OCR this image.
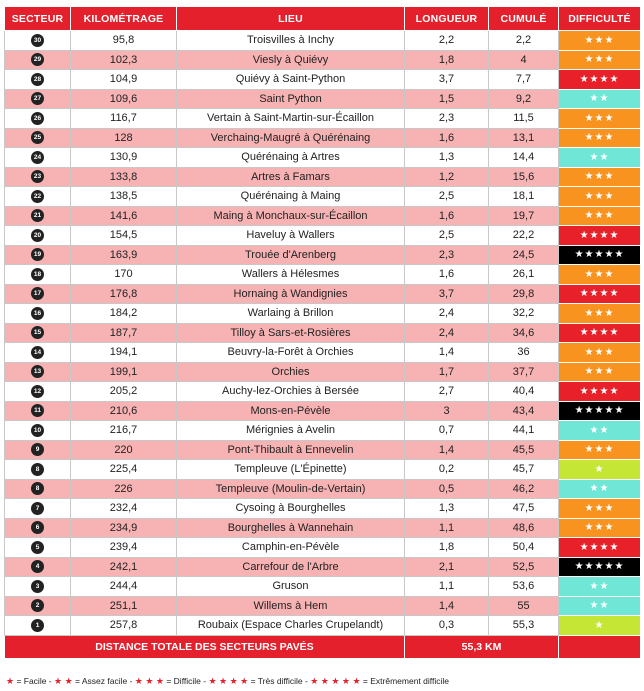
SECTEUR	KILOMÉTRAGE	LIEU	LONGUEUR	CUMULÉ	DIFFICULTÉ
30	95,8	Troisvilles à Inchy	2,2	2,2	★★★
29	102,3	Viesly à Quiévy	1,8	4	★★★
28	104,9	Quiévy à Saint-Python	3,7	7,7	★★★★
27	109,6	Saint Python	1,5	9,2	★★
26	116,7	Vertain à Saint-Martin-sur-Écaillon	2,3	11,5	★★★
25	128	Verchaing-Maugré à Quérénaing	1,6	13,1	★★★
24	130,9	Quérénaing à Artres	1,3	14,4	★★
23	133,8	Artres à Famars	1,2	15,6	★★★
22	138,5	Quérénaing à Maing	2,5	18,1	★★★
21	141,6	Maing à Monchaux-sur-Écaillon	1,6	19,7	★★★
20	154,5	Haveluy à Wallers	2,5	22,2	★★★★
19	163,9	Trouée d'Arenberg	2,3	24,5	★★★★★
18	170	Wallers à Hélesmes	1,6	26,1	★★★
17	176,8	Hornaing à Wandignies	3,7	29,8	★★★★
16	184,2	Warlaing à Brillon	2,4	32,2	★★★
15	187,7	Tilloy à Sars-et-Rosières	2,4	34,6	★★★★
14	194,1	Beuvry-la-Forêt à Orchies	1,4	36	★★★
13	199,1	Orchies	1,7	37,7	★★★
12	205,2	Auchy-lez-Orchies à Bersée	2,7	40,4	★★★★
11	210,6	Mons-en-Pévèle	3	43,4	★★★★★
10	216,7	Mérignies à Avelin	0,7	44,1	★★
9	220	Pont-Thibault à Ennevelin	1,4	45,5	★★★
8	225,4	Templeuve (L'Épinette)	0,2	45,7	★
8	226	Templeuve (Moulin-de-Vertain)	0,5	46,2	★★
7	232,4	Cysoing à Bourghelles	1,3	47,5	★★★
6	234,9	Bourghelles à Wannehain	1,1	48,6	★★★
5	239,4	Camphin-en-Pévèle	1,8	50,4	★★★★
4	242,1	Carrefour de l'Arbre	2,1	52,5	★★★★★
3	244,4	Gruson	1,1	53,6	★★
2	251,1	Willems à Hem	1,4	55	★★
1	257,8	Roubaix (Espace Charles Crupelandt)	0,3	55,3	★
DISTANCE TOTALE DES SECTEURS PAVÉS			55,3 KM		
★ = Facile - ★ ★ = Assez facile - ★ ★ ★ = Difficile - ★ ★ ★ ★ = Très difficile - ★ ★ ★ ★ ★ = Extrêmement difficile
